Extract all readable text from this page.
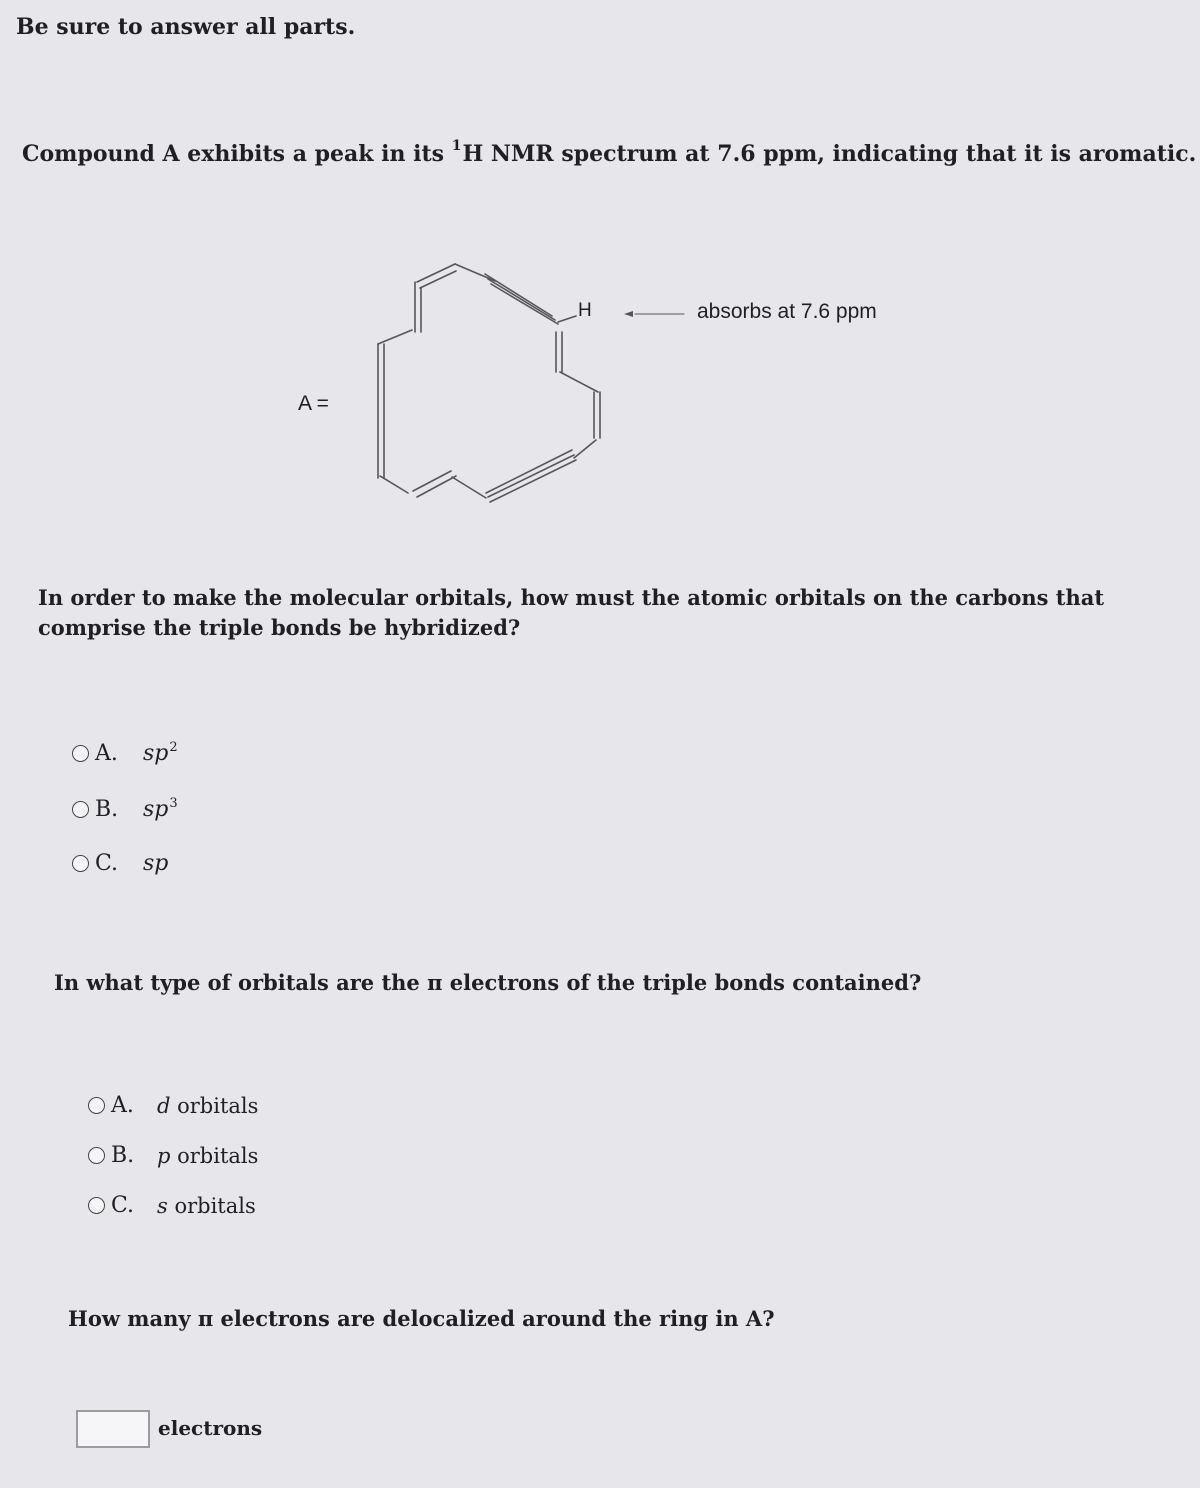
Be sure to answer all parts.
Compound A exhibits a peak in its $^1$H NMR spectrum at 7.6 ppm, indicating that it is aromatic.
H	absorbs at 7.6 ppm
A =
In order to make the molecular orbitals, how must the atomic orbitals on the carbons that comprise the triple bonds be hybridized?
A.	$sp^2$
B.	$sp^3$
C.	sp
In what type of orbitals are the π electrons of the triple bonds contained?
A.	d orbitals
B.	p orbitals
C.	s orbitals
How many π electrons are delocalized around the ring in A?
electrons
